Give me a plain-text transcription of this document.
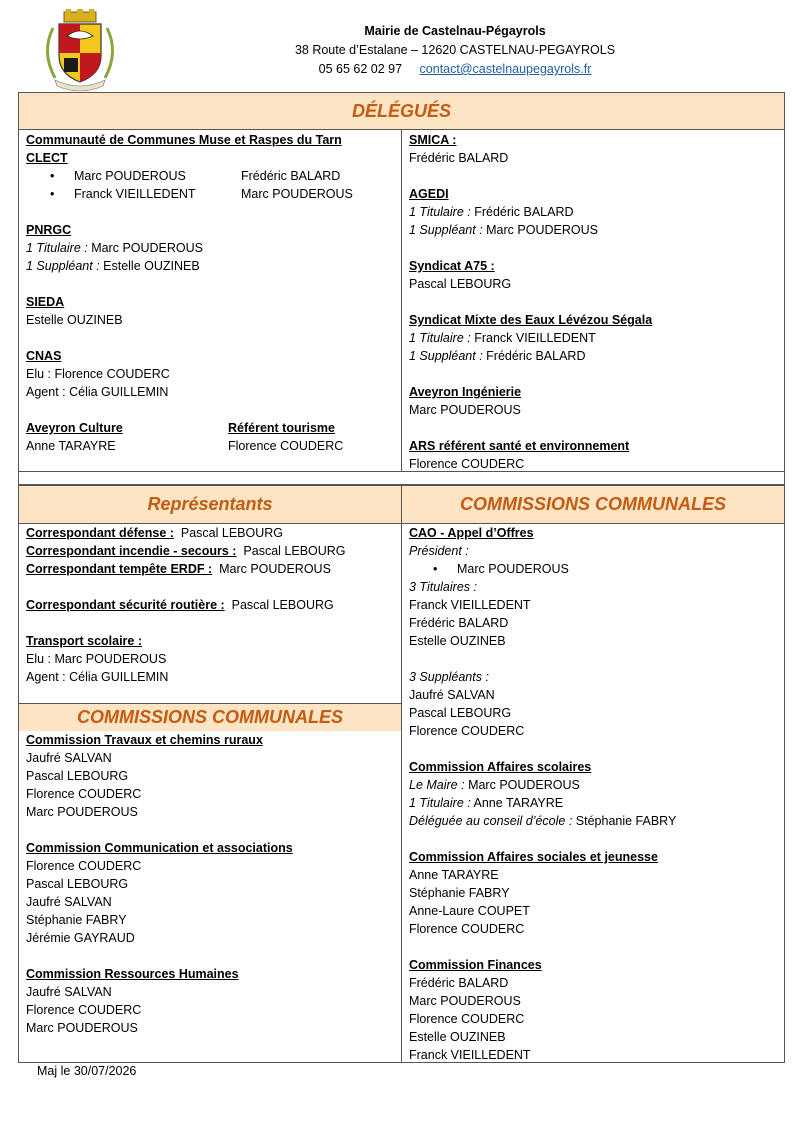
Mairie de Castelnau-Pégayrols
38 Route d’Estalane – 12620 CASTELNAU-PEGAYROLS
05 65 62 02 97 contact@castelnaupegayrols.fr
DÉLÉGUÉS

Communauté de Communes Muse et Raspes du Tarn

CLECT

• Marc POUDEROUS	Frédéric BALARD
• Franck VIEILLEDENT	Marc POUDEROUS

PNRGC

1 Titulaire : Marc POUDEROUS

1 Suppléant : Estelle OUZINEB

SIEDA

Estelle OUZINEB

CNAS

Elu : Florence COUDERC

Agent : Célia GUILLEMIN

Aveyron Culture	Référent tourisme
Anne TARAYRE	Florence COUDERC

SMICA :

Frédéric BALARD

AGEDI

1 Titulaire : Frédéric BALARD

1 Suppléant : Marc POUDEROUS

Syndicat A75 :

Pascal LEBOURG

Syndicat Mixte des Eaux Lévézou Ségala

1 Titulaire : Franck VIEILLEDENT

1 Suppléant : Frédéric BALARD

Aveyron Ingénierie

Marc POUDEROUS

ARS référent santé et environnement

Florence COUDERC

Représentants	COMMISSIONS COMMUNALES

Correspondant défense :  Pascal LEBOURG

Correspondant incendie - secours :  Pascal LEBOURG

Correspondant tempête ERDF :  Marc POUDEROUS

Correspondant sécurité routière :  Pascal LEBOURG

Transport scolaire :

Elu : Marc POUDEROUS

Agent : Célia GUILLEMIN

COMMISSIONS COMMUNALES

Commission Travaux et chemins ruraux

Jaufré SALVAN

Pascal LEBOURG

Florence COUDERC

Marc POUDEROUS

Commission Communication et associations

Florence COUDERC

Pascal LEBOURG

Jaufré SALVAN

Stéphanie FABRY

Jérémie GAYRAUD

Commission Ressources Humaines

Jaufré SALVAN

Florence COUDERC

Marc POUDEROUS

CAO - Appel d’Offres

Président :

• Marc POUDEROUS

3 Titulaires :

Franck VIEILLEDENT

Frédéric BALARD

Estelle OUZINEB

3 Suppléants :

Jaufré SALVAN

Pascal LEBOURG

Florence COUDERC

Commission Affaires scolaires

Le Maire : Marc POUDEROUS

1 Titulaire : Anne TARAYRE

Déléguée au conseil d’école : Stéphanie FABRY

Commission Affaires sociales et jeunesse

Anne TARAYRE

Stéphanie FABRY

Anne-Laure COUPET

Florence COUDERC

Commission Finances

Frédéric BALARD

Marc POUDEROUS

Florence COUDERC

Estelle OUZINEB

Franck VIEILLEDENT

Maj le 30/07/2026
